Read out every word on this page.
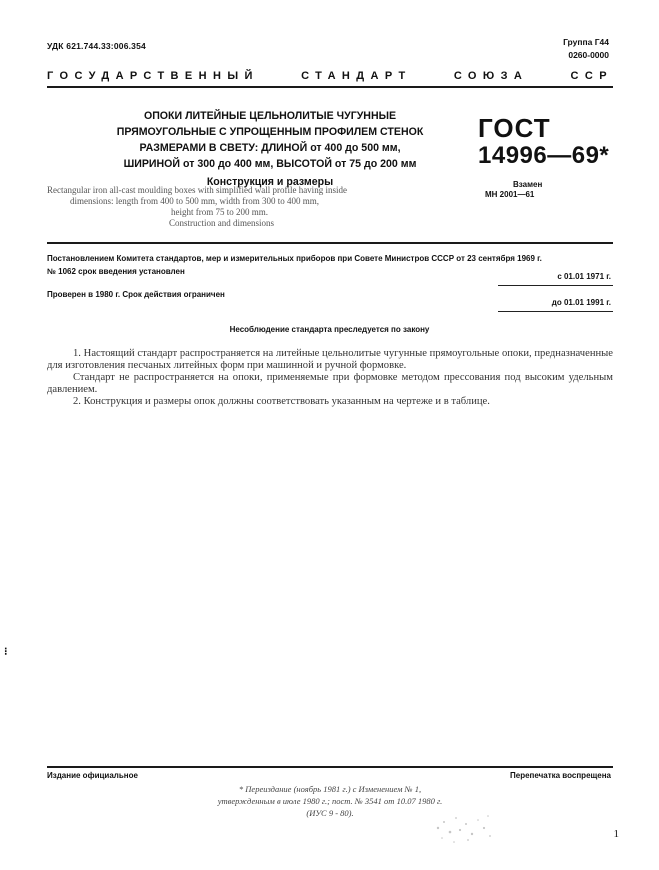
УДК 621.744.33:006.354	Группа Г44
0260-0000
ГОСУДАРСТВЕННЫЙ	СТАНДАРТ	СОЮЗА	ССР
ОПОКИ ЛИТЕЙНЫЕ ЦЕЛЬНОЛИТЫЕ ЧУГУННЫЕ
ПРЯМОУГОЛЬНЫЕ С УПРОЩЕННЫМ ПРОФИЛЕМ СТЕНОК
РАЗМЕРАМИ В СВЕТУ: ДЛИНОЙ от 400 до 500 мм,
ШИРИНОЙ от 300 до 400 мм, ВЫСОТОЙ от 75 до 200 мм
Конструкция и размеры
Rectangular iron all-cast moulding boxes with simplified wall profile having inside
dimensions: length from 400 to 500 mm, width from 300 to 400 mm,
height from 75 to 200 mm.
Construction and dimensions
ГОСТ
14996—69*
Взамен
МН 2001—61
Постановлением Комитета стандартов, мер и измерительных приборов при Совете Министров СССР от 23 сентября 1969 г.
№ 1062 срок введения установлен
с 01.01 1971 г.
Проверен в 1980 г. Срок действия ограничен
до 01.01 1991 г.
Несоблюдение стандарта преследуется по закону

1. Настоящий стандарт распространяется на литейные цельнолитые чугунные прямоугольные опоки, предназначенные для изготовления песчаных литейных форм при машинной и ручной формовке.

Стандарт не распространяется на опоки, применяемые при формовке методом прессования под высоким удельным давлением.

2. Конструкция и размеры опок должны соответствовать указанным на чертеже и в таблице.

⁝
Издание официальное	Перепечатка воспрещена
* Переиздание (ноябрь 1981 г.) с Изменением № 1,
утвержденным в июле 1980 г.; пост. № 3541 от 10.07 1980 г.
(ИУС 9 - 80).
1
